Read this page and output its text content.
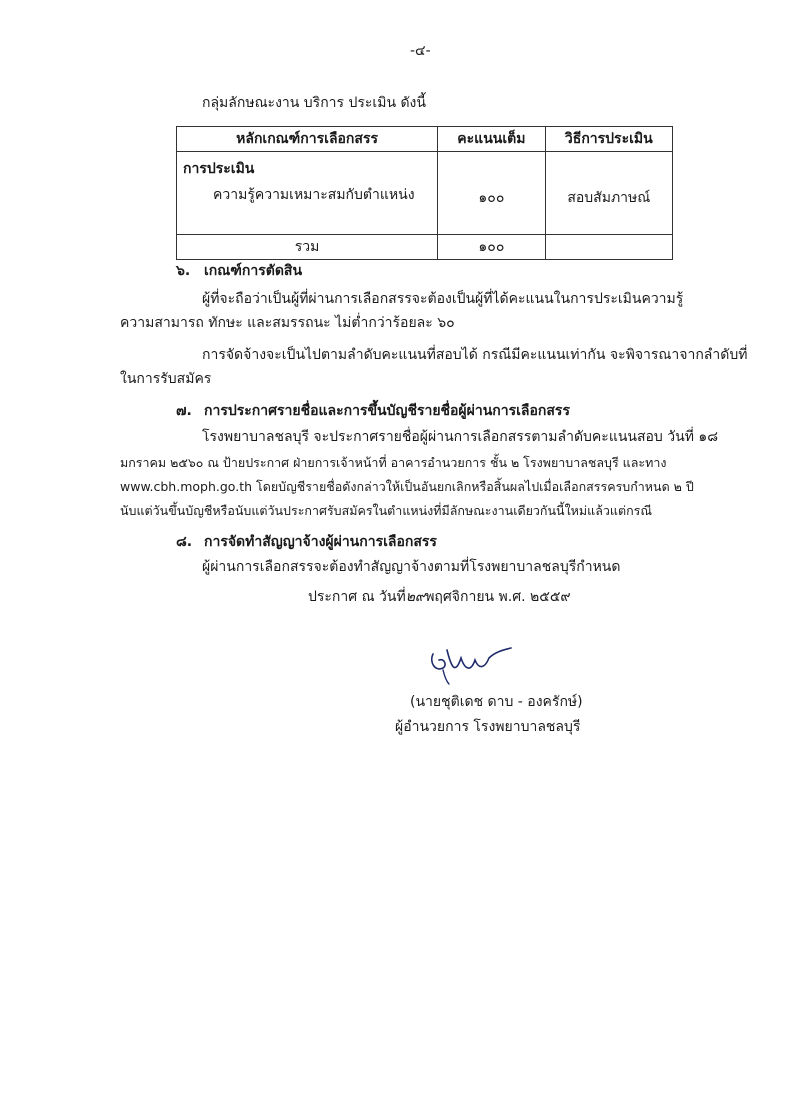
-๔-
กลุ่มลักษณะงาน บริการ ประเมิน ดังนี้
หลักเกณฑ์การเลือกสรร	คะแนนเต็ม	วิธีการประเมิน

การประเมิน
ความรู้ความเหมาะสมกับตำแหน่ง	๑๐๐	สอบสัมภาษณ์
รวม	๑๐๐	
๖. เกณฑ์การตัดสิน
ผู้ที่จะถือว่าเป็นผู้ที่ผ่านการเลือกสรรจะต้องเป็นผู้ที่ได้คะแนนในการประเมินความรู้
ความสามารถ ทักษะ และสมรรถนะ ไม่ต่ำกว่าร้อยละ ๖๐
การจัดจ้างจะเป็นไปตามลำดับคะแนนที่สอบได้ กรณีมีคะแนนเท่ากัน จะพิจารณาจากลำดับที่
ในการรับสมัคร
๗. การประกาศรายชื่อและการขึ้นบัญชีรายชื่อผู้ผ่านการเลือกสรร
โรงพยาบาลชลบุรี จะประกาศรายชื่อผู้ผ่านการเลือกสรรตามลำดับคะแนนสอบ วันที่ ๑๘
มกราคม ๒๕๖๐ ณ ป้ายประกาศ ฝ่ายการเจ้าหน้าที่ อาคารอำนวยการ ชั้น ๒ โรงพยาบาลชลบุรี และทาง
www.cbh.moph.go.th โดยบัญชีรายชื่อดังกล่าวให้เป็นอันยกเลิกหรือสิ้นผลไปเมื่อเลือกสรรครบกำหนด ๒ ปี
นับแต่วันขึ้นบัญชีหรือนับแต่วันประกาศรับสมัครในตำแหน่งที่มีลักษณะงานเดียวกันนี้ใหม่แล้วแต่กรณี
๘. การจัดทำสัญญาจ้างผู้ผ่านการเลือกสรร
ผู้ผ่านการเลือกสรรจะต้องทำสัญญาจ้างตามที่โรงพยาบาลชลบุรีกำหนด
ประกาศ ณ วันที่๒๙พฤศจิกายน พ.ศ. ๒๕๕๙
(นายชุติเดช ดาบ - องครักษ์)
ผู้อำนวยการ โรงพยาบาลชลบุรี
